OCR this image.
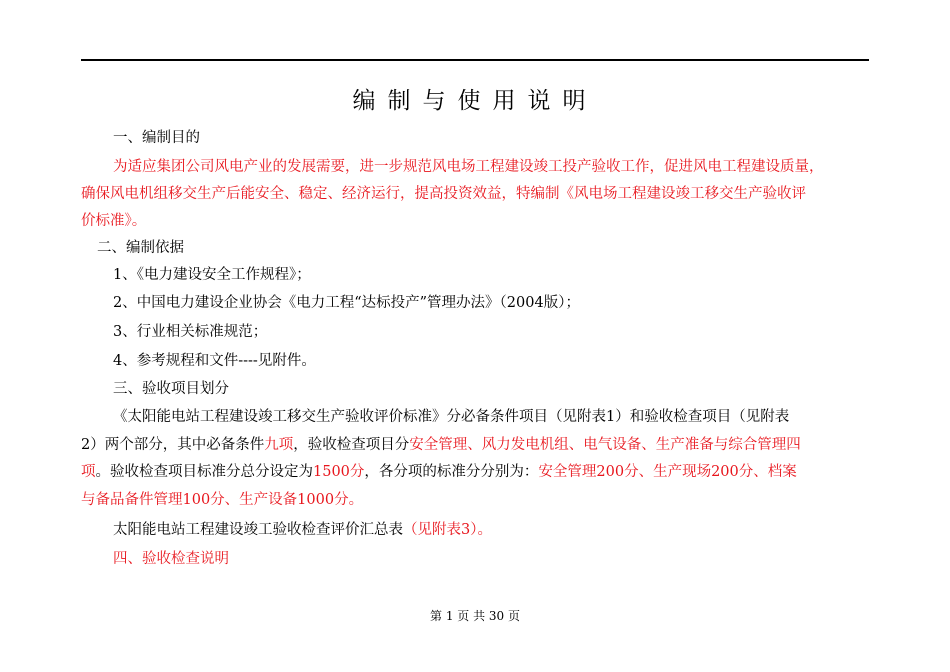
编制与使用说明
一、编制目的
为适应集团公司风电产业的发展需要，进一步规范风电场工程建设竣工投产验收工作，促进风电工程建设质量，
确保风电机组移交生产后能安全、稳定、经济运行，提高投资效益，特编制《风电场工程建设竣工移交生产验收评
价标准》。
二、编制依据
1、《电力建设安全工作规程》；
2、中国电力建设企业协会《电力工程“达标投产”管理办法》（2004版）；
3、行业相关标准规范；
4、参考规程和文件----见附件。
三、验收项目划分
《太阳能电站工程建设竣工移交生产验收评价标准》分必备条件项目（见附表1）和验收检查项目（见附表
2）两个部分，其中必备条件九项，验收检查项目分安全管理、风力发电机组、电气设备、生产准备与综合管理四
项。验收检查项目标准分总分设定为1500分，各分项的标准分分别为：安全管理200分、生产现场200分、档案
与备品备件管理100分、生产设备1000分。
太阳能电站工程建设竣工验收检查评价汇总表（见附表3）。
四、验收检查说明
第 1 页 共 30 页
